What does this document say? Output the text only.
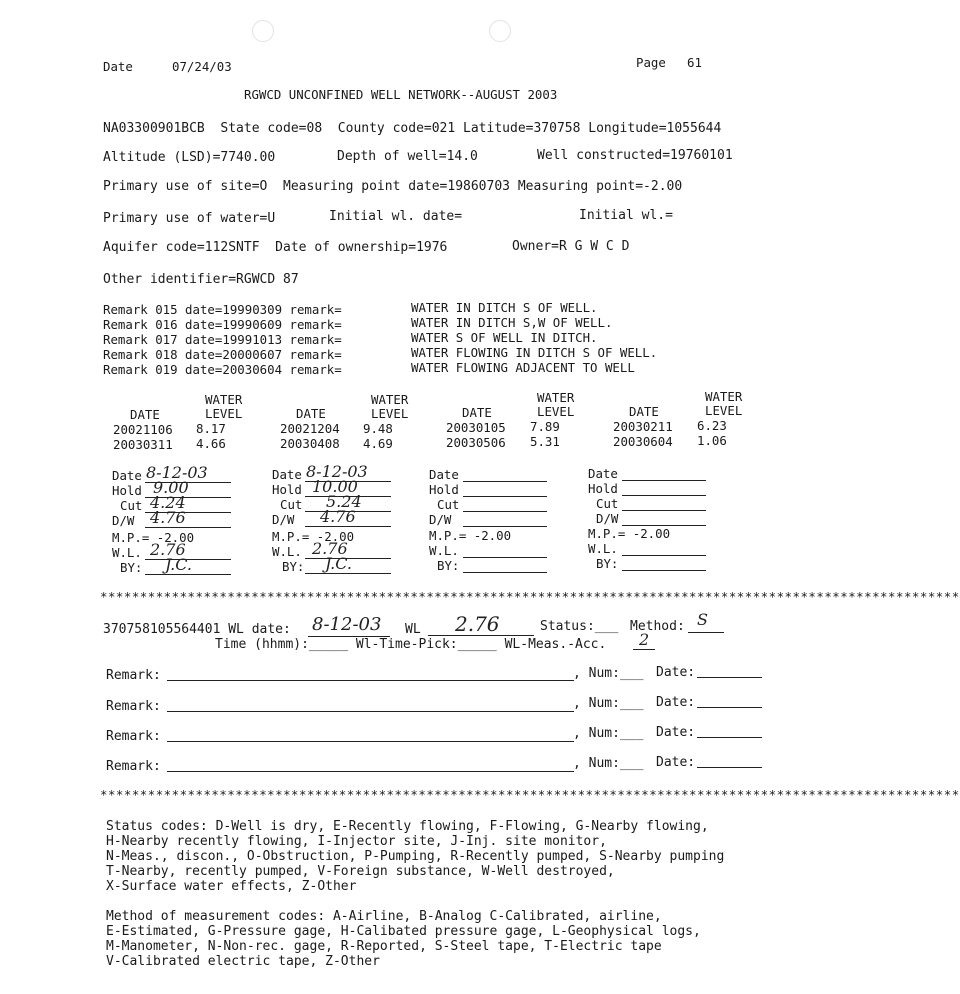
Date	07/24/03	Page 61
RGWCD UNCONFINED WELL NETWORK--AUGUST 2003
NA03300901BCB  State code=08  County code=021 Latitude=370758 Longitude=1055644
Altitude (LSD)=7740.00	Depth of well=14.0	Well constructed=19760101
Primary use of site=O  Measuring point date=19860703 Measuring point=-2.00
Primary use of water=U	Initial wl. date=	Initial wl.=
Aquifer code=112SNTF  Date of ownership=1976	Owner=R G W C D
Other identifier=RGWCD 87
Remark 015 date=19990309 remark=	WATER IN DITCH S OF WELL.
Remark 016 date=19990609 remark=	WATER IN DITCH S,W OF WELL.
Remark 017 date=19991013 remark=	WATER S OF WELL IN DITCH.
Remark 018 date=20000607 remark=	WATER FLOWING IN DITCH S OF WELL.
Remark 019 date=20030604 remark=	WATER FLOWING ADJACENT TO WELL
WATER	WATER	WATER	WATER
DATE	LEVEL	DATE	LEVEL	DATE	LEVEL	DATE	LEVEL
20021106 8.17	20021204 9.48	20030105 7.89	20030211 6.23
20030311 4.66	20030408 4.69	20030506 5.31	20030604 1.06
Date 8-12-03
Hold 9.00
Cut 4.24
D/W 4.76
M.P.= -2.00
W.L. 2.76
BY: J.C.
Date 8-12-03
Hold 10.00
Cut 5.24
D/W 4.76
M.P.= -2.00
W.L. 2.76
BY: J.C.
Date
Hold
Cut
D/W
M.P.= -2.00
W.L.
BY:
Date
Hold
Cut
D/W
M.P.= -2.00
W.L.
BY:
************************************************************************************************************
370758105564401 WL date: 8-12-03 WL 2.76	Status:___ Method: S
Time (hhmm):_____ Wl-Time-Pick:_____ WL-Meas.-Acc. 2
Remark:	, Num:___ Date:
Remark:	, Num:___ Date:
Remark:	, Num:___ Date:
Remark:	, Num:___ Date:
************************************************************************************************************
Status codes: D-Well is dry, E-Recently flowing, F-Flowing, G-Nearby flowing,
H-Nearby recently flowing, I-Injector site, J-Inj. site monitor,
N-Meas., discon., O-Obstruction, P-Pumping, R-Recently pumped, S-Nearby pumping
T-Nearby, recently pumped, V-Foreign substance, W-Well destroyed,
X-Surface water effects, Z-Other
Method of measurement codes: A-Airline, B-Analog C-Calibrated, airline,
E-Estimated, G-Pressure gage, H-Calibated pressure gage, L-Geophysical logs,
M-Manometer, N-Non-rec. gage, R-Reported, S-Steel tape, T-Electric tape
V-Calibrated electric tape, Z-Other
